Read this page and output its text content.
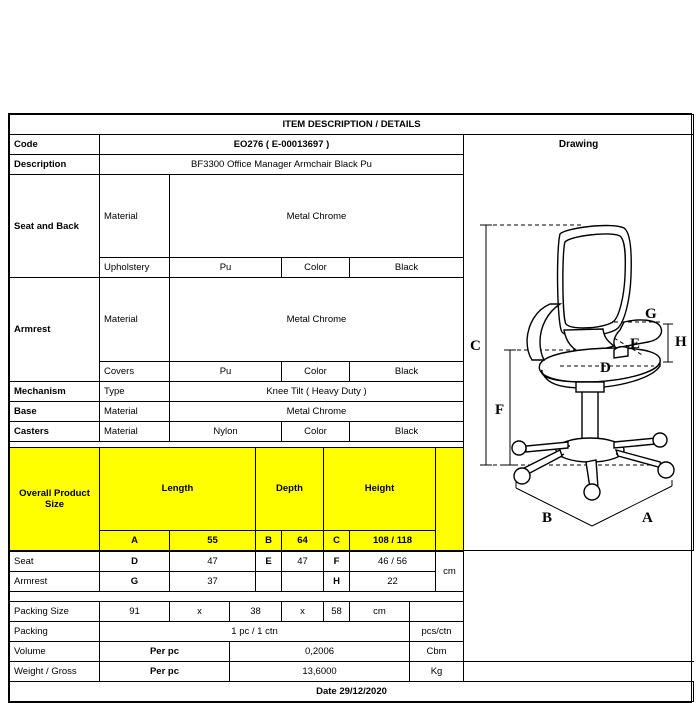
ITEM DESCRIPTION / DETAILS								
Code	EO276 ( E-00013697 )	Drawing
C
F
G
H
E
D
B	A

Description	BF3300 Office Manager Armchair Black Pu							
Seat and Back	Material	Metal Chrome						
	Upholstery	Pu		Color		Black		
Armrest	Material	Metal Chrome						
	Covers	Pu		Color		Black		
Mechanism	Type	Knee Tilt ( Heavy Duty )						
Base	Material	Metal Chrome						
Casters	Material	Nylon		Color		Black		

Overall Product Size	Length		Depth		Height			
	A	55	B	64	C	108 / 118		
Seat	D	47		E	47	F	46 / 56		cm	
Armrest	G	37				H	22			

Packing Size	91	x	38		x	58	cm			
Packing	1 pc / 1 ctn							pcs/ctn		
Volume	Per pc		0,2006					Cbm		
Weight / Gross	Per pc		13,6000					Kg		
Date 29/12/2020										
